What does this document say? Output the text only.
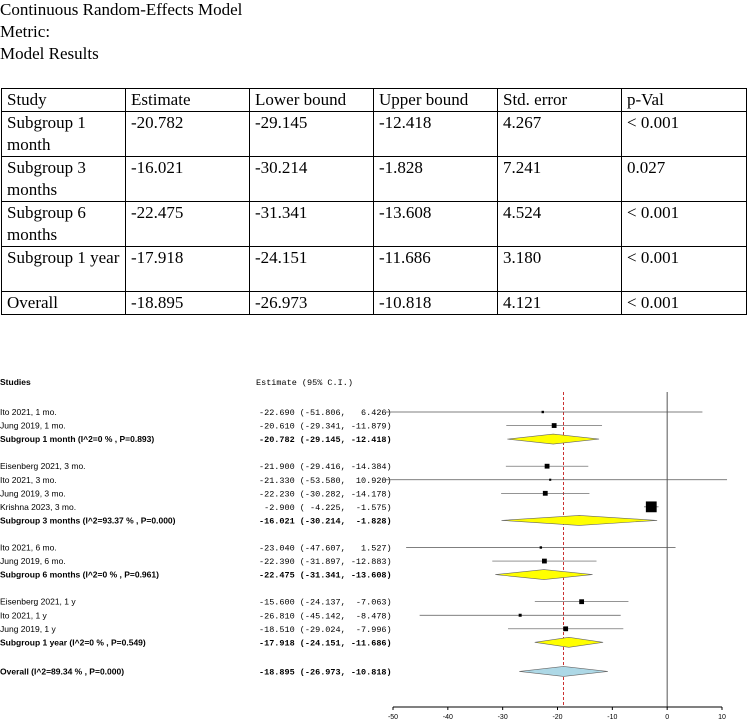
Continuous Random-Effects Model
Metric:
Model Results
Study	Estimate	Lower bound	Upper bound	Std. error	p-Val
Subgroup 1 month	-20.782	-29.145	-12.418	4.267	< 0.001
Subgroup 3 months	-16.021	-30.214	-1.828	7.241	0.027
Subgroup 6 months	-22.475	-31.341	-13.608	4.524	< 0.001
Subgroup 1 year	-17.918	-24.151	-11.686	3.180	< 0.001
Overall	-18.895	-26.973	-10.818	4.121	< 0.001
Studies	Estimate (95% C.I.)
-50	-40	-30	-20	-10	0	10
Ito 2021, 1 mo.	-22.690 (-51.806,   6.426)
Jung 2019, 1 mo.	-20.610 (-29.341, -11.879)
Subgroup 1 month (I^2=0 % , P=0.893)	-20.782 (-29.145, -12.418)
Eisenberg 2021, 3 mo.	-21.900 (-29.416, -14.384)
Ito 2021, 3 mo.	-21.330 (-53.580,  10.920)
Jung 2019, 3 mo.	-22.230 (-30.282, -14.178)
Krishna 2023, 3 mo.	-2.900 ( -4.225,  -1.575)
Subgroup 3 months (I^2=93.37 % , P=0.000)	-16.021 (-30.214,  -1.828)
Ito 2021, 6 mo.	-23.040 (-47.607,   1.527)
Jung 2019, 6 mo.	-22.390 (-31.897, -12.883)
Subgroup 6 months (I^2=0 % , P=0.961)	-22.475 (-31.341, -13.608)
Eisenberg 2021, 1 y	-15.600 (-24.137,  -7.063)
Ito 2021, 1 y	-26.810 (-45.142,  -8.478)
Jung 2019, 1 y	-18.510 (-29.024,  -7.996)
Subgroup 1 year (I^2=0 % , P=0.549)	-17.918 (-24.151, -11.686)
Overall (I^2=89.34 % , P=0.000)	-18.895 (-26.973, -10.818)
